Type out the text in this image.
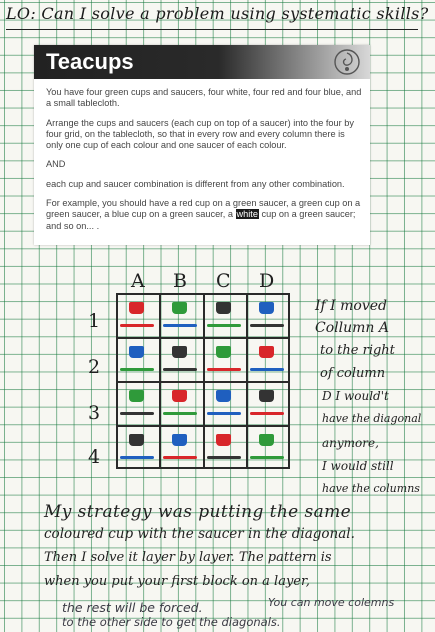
LO: Can I solve a problem using systematic skills?
Teacups

You have four green cups and saucers, four white, four red and four blue, and a small tablecloth.

Arrange the cups and saucers (each cup on top of a saucer) into the four by four grid, on the tablecloth, so that in every row and every column there is only one cup of each colour and one saucer of each colour.

AND

each cup and saucer combination is different from any other combination.

For example, you should have a red cup on a green saucer, a green cup on a green saucer, a blue cup on a green saucer, a white cup on a green saucer; and so on... .

A B C D
1
2
3
4
If I moved
Collumn A
to the right
of column
D I would't
have the diagonal
anymore,
I would still
have the columns
My strategy was putting the same
coloured cup with the saucer in the diagonal.
Then I solve it layer by layer. The pattern is
when you put your first block on a layer,
the rest will be forced.	You can move colemns
to the other side to get the diagonals.
